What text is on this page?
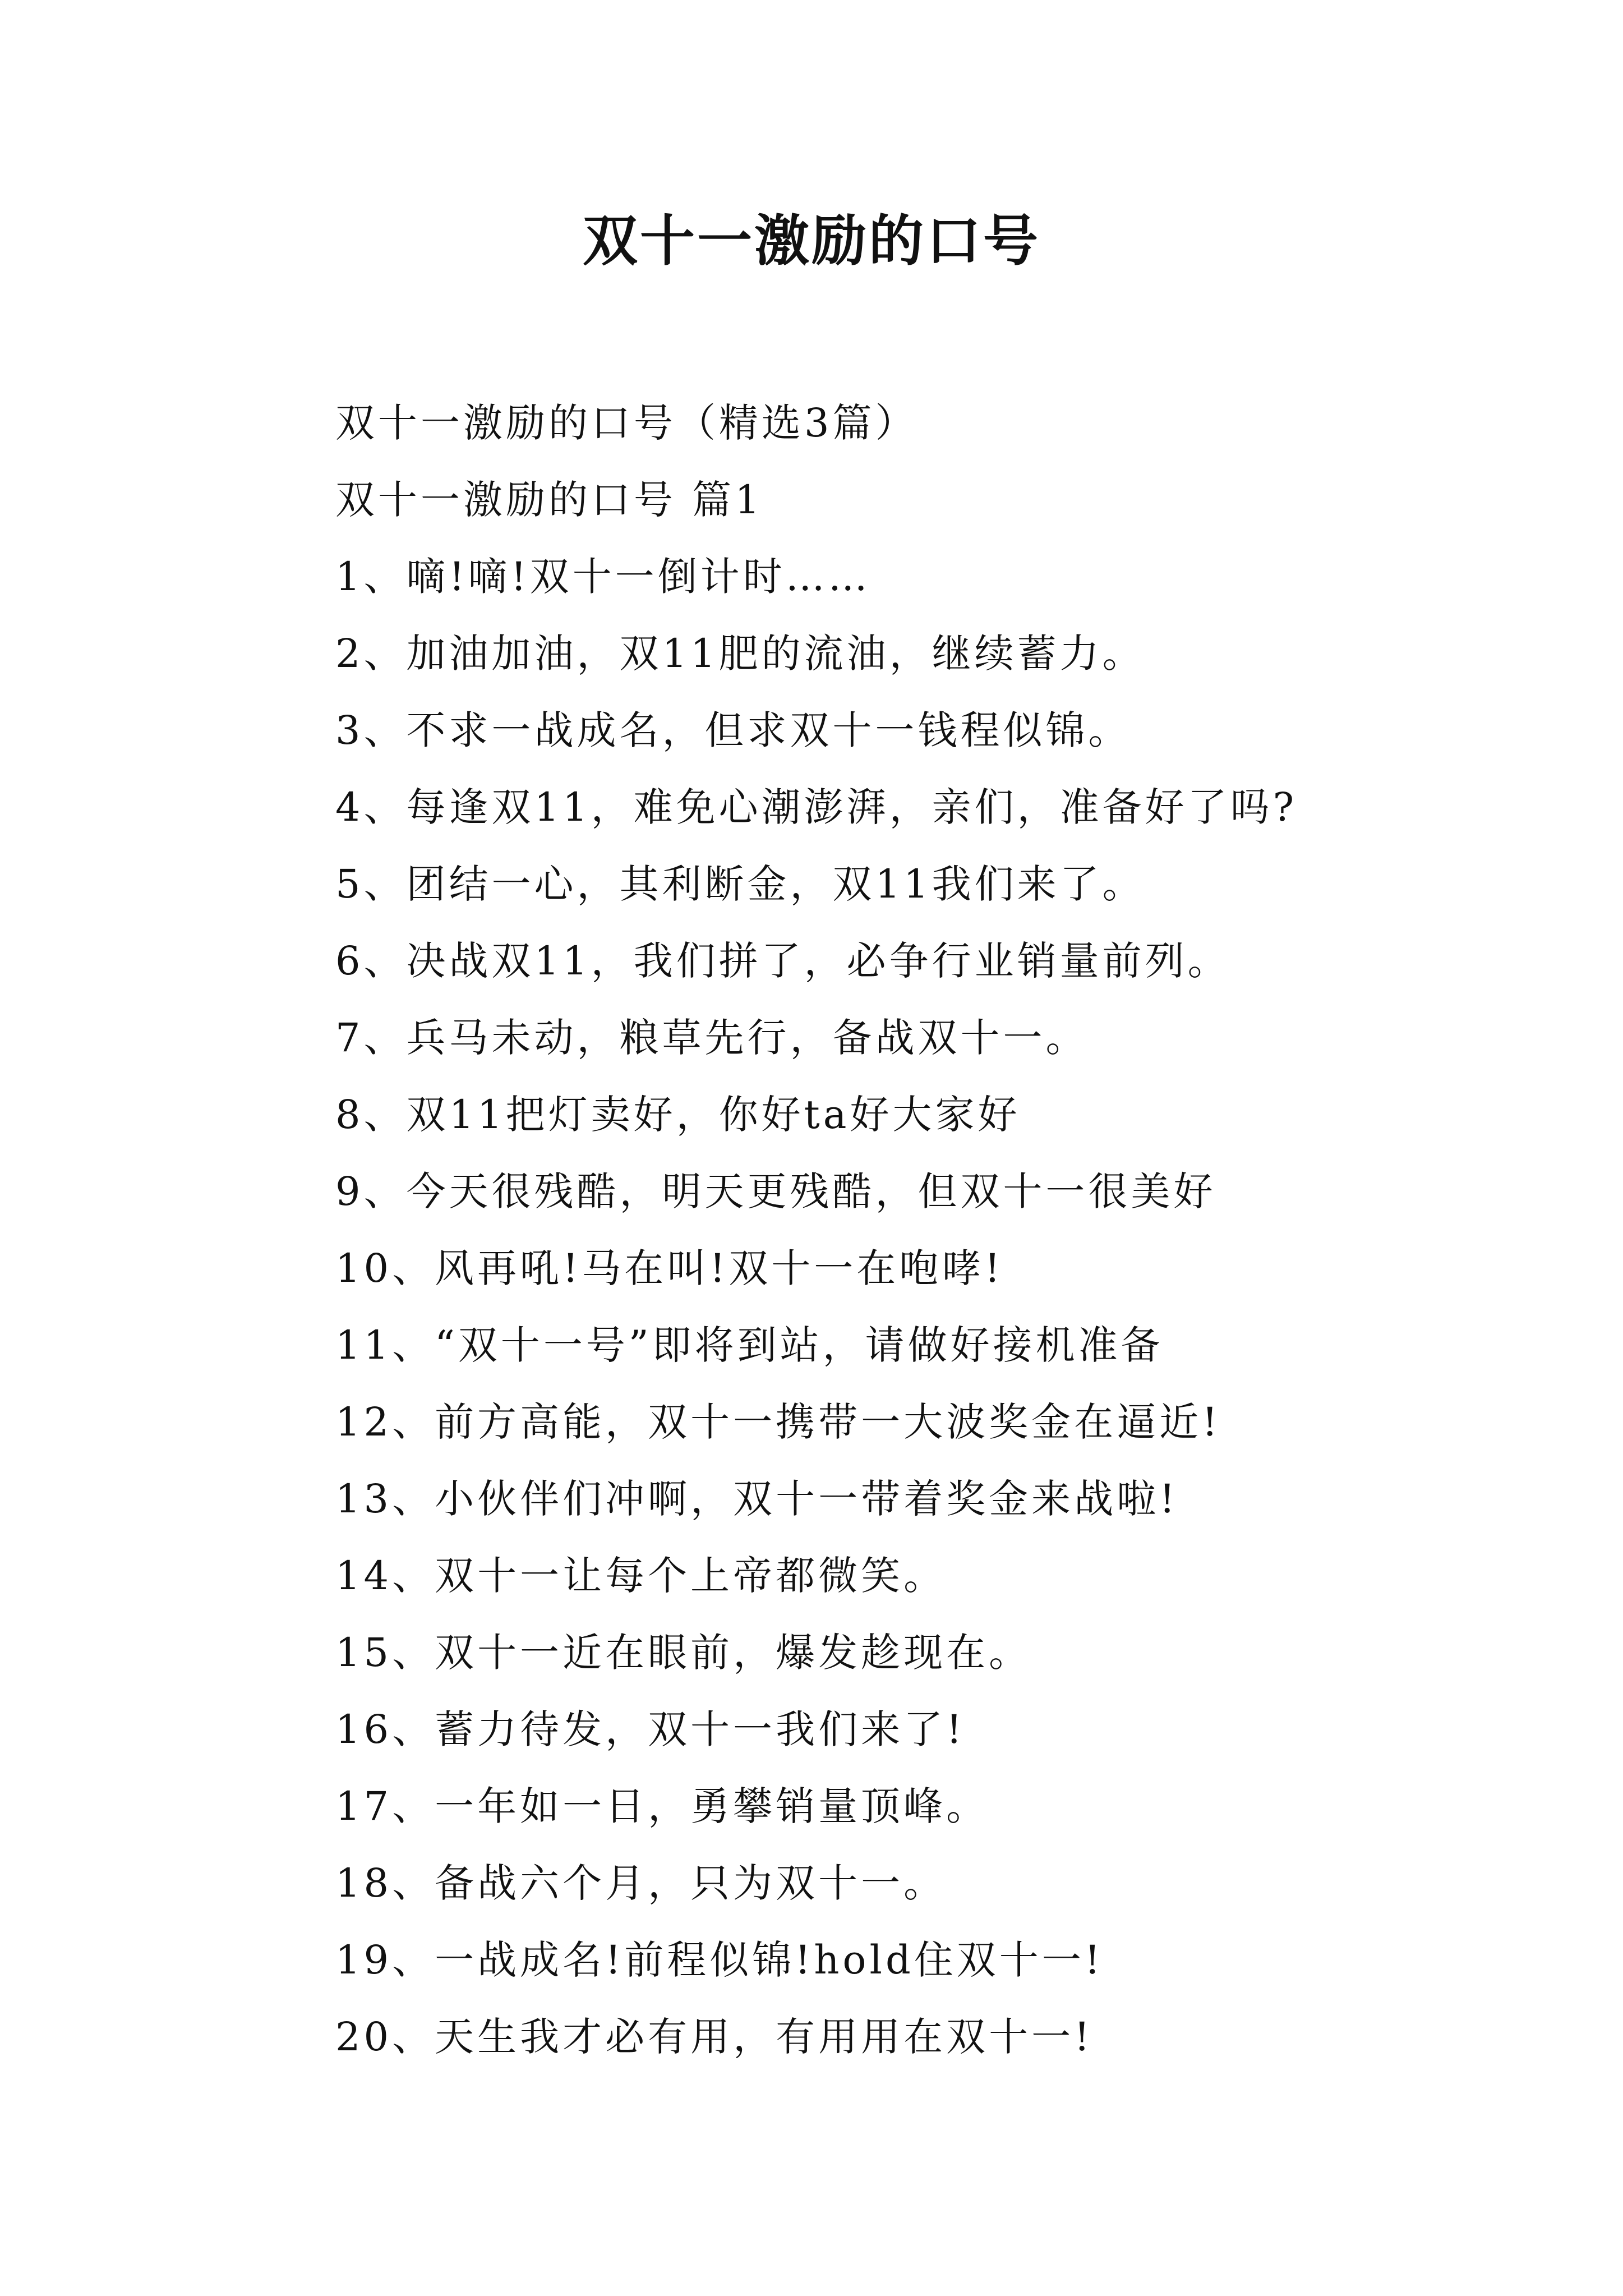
双十一激励的口号
双十一激励的口号（精选3篇）
双十一激励的口号 篇1
1、嘀!嘀!双十一倒计时……
2、加油加油，双11肥的流油，继续蓄力。
3、不求一战成名，但求双十一钱程似锦。
4、每逢双11，难免心潮澎湃，亲们，准备好了吗?
5、团结一心，其利断金，双11我们来了。
6、决战双11，我们拼了，必争行业销量前列。
7、兵马未动，粮草先行，备战双十一。
8、双11把灯卖好，你好ta好大家好
9、今天很残酷，明天更残酷，但双十一很美好
10、风再吼!马在叫!双十一在咆哮!
11、“双十一号”即将到站，请做好接机准备
12、前方高能，双十一携带一大波奖金在逼近!
13、小伙伴们冲啊，双十一带着奖金来战啦!
14、双十一让每个上帝都微笑。
15、双十一近在眼前，爆发趁现在。
16、蓄力待发，双十一我们来了!
17、一年如一日，勇攀销量顶峰。
18、备战六个月，只为双十一。
19、一战成名!前程似锦!hold住双十一!
20、天生我才必有用，有用用在双十一!
